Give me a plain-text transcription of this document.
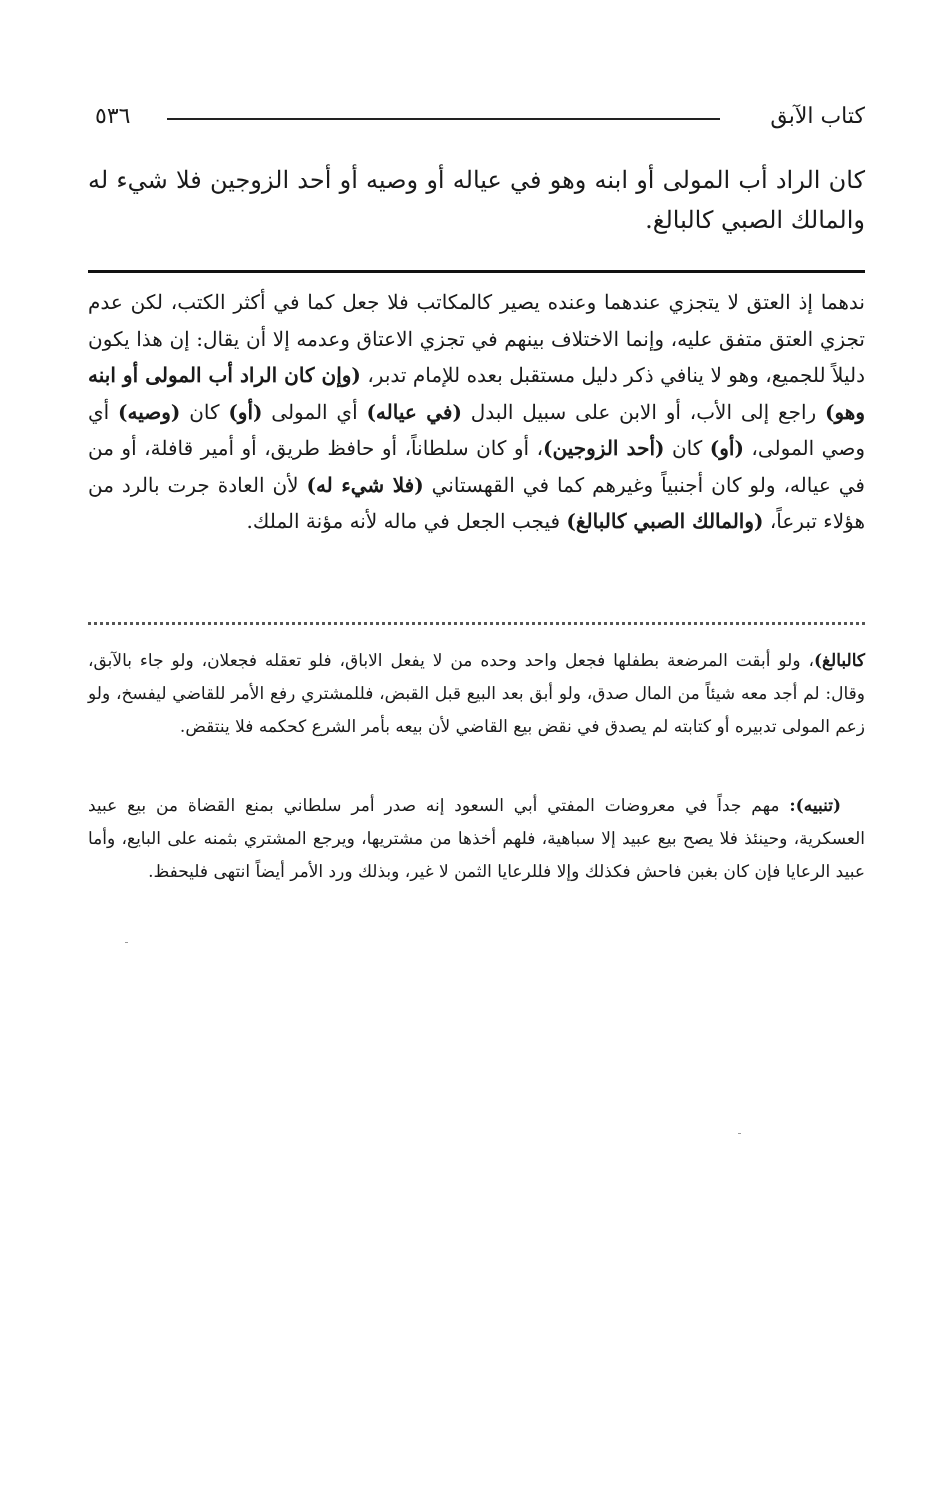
٥٣٦	كتاب الآبق

كان الراد أب المولى أو ابنه وهو في عياله أو وصيه أو أحد الزوجين فلا شيء له والمالك الصبي كالبالغ.

ندهما إذ العتق لا يتجزي عندهما وعنده يصير كالمكاتب فلا جعل كما في أكثر الكتب، لكن عدم تجزي العتق متفق عليه، وإنما الاختلاف بينهم في تجزي الاعتاق وعدمه إلا أن يقال: إن هذا يكون دليلاً للجميع، وهو لا ينافي ذكر دليل مستقبل بعده للإمام تدبر، (وإن كان الراد أب المولى أو ابنه وهو) راجع إلى الأب، أو الابن على سبيل البدل (في عياله) أي المولى (أو) كان (وصيه) أي وصي المولى، (أو) كان (أحد الزوجين)، أو كان سلطاناً، أو حافظ طريق، أو أمير قافلة، أو من في عياله، ولو كان أجنبياً وغيرهم كما في القهستاني (فلا شيء له) لأن العادة جرت بالرد من هؤلاء تبرعاً، (والمالك الصبي كالبالغ) فيجب الجعل في ماله لأنه مؤنة الملك.

كالبالغ)، ولو أبقت المرضعة بطفلها فجعل واحد وحده من لا يفعل الاباق، فلو تعقله فجعلان، ولو جاء بالآبق، وقال: لم أجد معه شيئاً من المال صدق، ولو أبق بعد البيع قبل القبض، فللمشتري رفع الأمر للقاضي ليفسخ، ولو زعم المولى تدبيره أو كتابته لم يصدق في نقض بيع القاضي لأن بيعه بأمر الشرع كحكمه فلا ينتقض.

(تنبيه): مهم جداً في معروضات المفتي أبي السعود إنه صدر أمر سلطاني بمنع القضاة من بيع عبيد العسكرية، وحينئذ فلا يصح بيع عبيد إلا سباهية، فلهم أخذها من مشتريها، ويرجع المشتري بثمنه على البايع، وأما عبيد الرعايا فإن كان بغبن فاحش فكذلك وإلا فللرعايا الثمن لا غير، وبذلك ورد الأمر أيضاً انتهى فليحفظ.
